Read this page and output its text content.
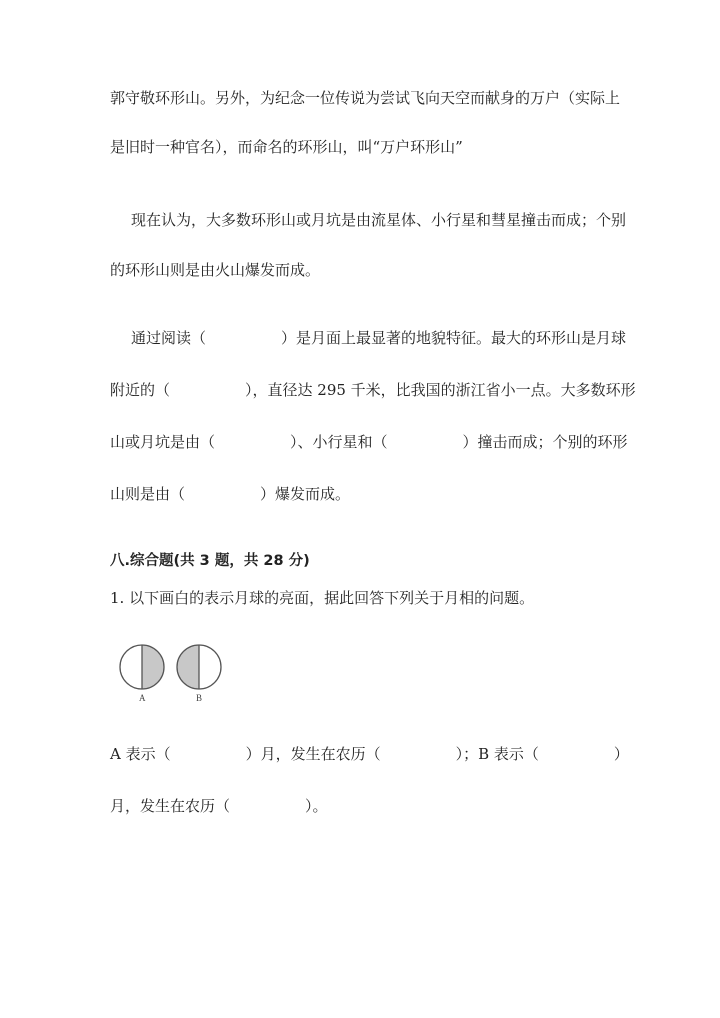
郭守敬环形山。另外，为纪念一位传说为尝试飞向天空而献身的万户（实际上

是旧时一种官名），而命名的环形山，叫“万户环形山”

现在认为，大多数环形山或月坑是由流星体、小行星和彗星撞击而成；个别

的环形山则是由火山爆发而成。

通过阅读（　　　　　）是月面上最显著的地貌特征。最大的环形山是月球

附近的（　　　　　），直径达 295 千米，比我国的浙江省小一点。大多数环形

山或月坑是由（　　　　　）、小行星和（　　　　　）撞击而成；个别的环形

山则是由（　　　　　）爆发而成。

八.综合题(共 3 题，共 28 分)

1. 以下画白的表示月球的亮面，据此回答下列关于月相的问题。

A	B

A 表示（　　　　　）月，发生在农历（　　　　　）；B 表示（　　　　　）

月，发生在农历（　　　　　）。
